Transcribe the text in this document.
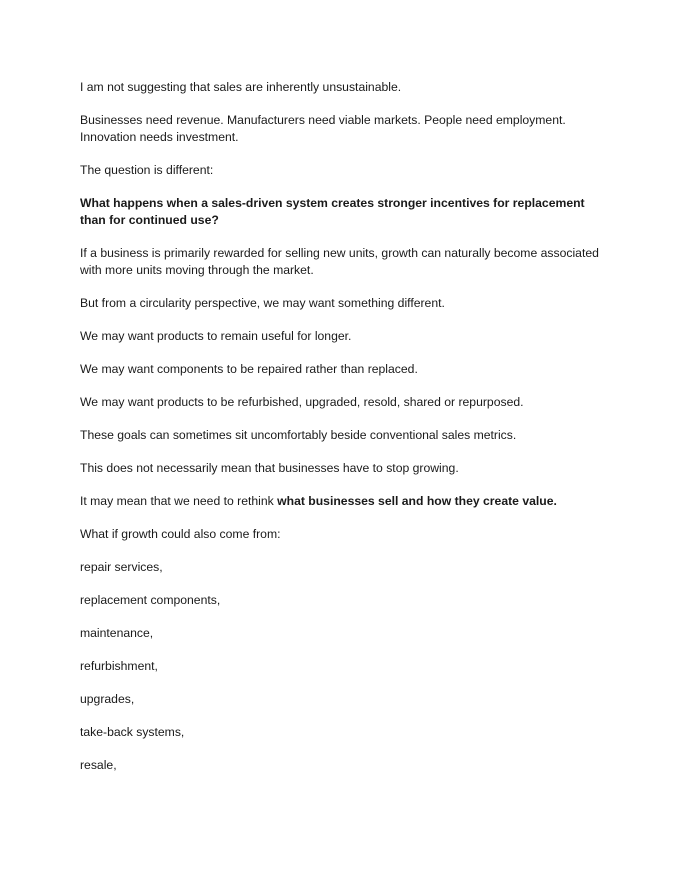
I am not suggesting that sales are inherently unsustainable.

Businesses need revenue. Manufacturers need viable markets. People need employment.
Innovation needs investment.

The question is different:

What happens when a sales-driven system creates stronger incentives for replacement
than for continued use?

If a business is primarily rewarded for selling new units, growth can naturally become associated
with more units moving through the market.

But from a circularity perspective, we may want something different.

We may want products to remain useful for longer.

We may want components to be repaired rather than replaced.

We may want products to be refurbished, upgraded, resold, shared or repurposed.

These goals can sometimes sit uncomfortably beside conventional sales metrics.

This does not necessarily mean that businesses have to stop growing.

It may mean that we need to rethink what businesses sell and how they create value.

What if growth could also come from:

repair services,

replacement components,

maintenance,

refurbishment,

upgrades,

take-back systems,

resale,
